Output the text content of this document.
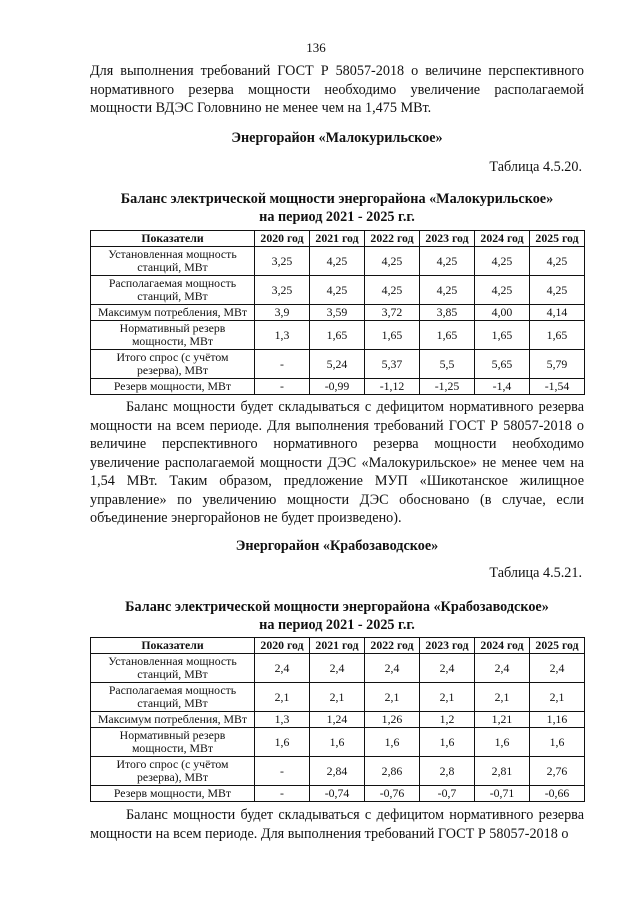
136
Для выполнения требований ГОСТ Р 58057-2018 о величине перспективного нормативного резерва мощности необходимо увеличение располагаемой мощности ВДЭС Головнино не менее чем на 1,475 МВт.
Энергорайон «Малокурильское»
Таблица 4.5.20.
Баланс электрической мощности энергорайона «Малокурильское»
на период 2021 - 2025 г.г.
Показатели	2020 год	2021 год	2022 год	2023 год	2024 год	2025 год
Установленная мощность станций, МВт	3,25	4,25	4,25	4,25	4,25	4,25
Располагаемая мощность станций, МВт	3,25	4,25	4,25	4,25	4,25	4,25
Максимум потребления, МВт	3,9	3,59	3,72	3,85	4,00	4,14
Нормативный резерв мощности, МВт	1,3	1,65	1,65	1,65	1,65	1,65
Итого спрос (с учётом резерва), МВт	-	5,24	5,37	5,5	5,65	5,79
Резерв мощности, МВт	-	-0,99	-1,12	-1,25	-1,4	-1,54
Баланс мощности будет складываться с дефицитом нормативного резерва мощности на всем периоде. Для выполнения требований ГОСТ Р 58057-2018 о величине перспективного нормативного резерва мощности необходимо увеличение располагаемой мощности ДЭС «Малокурильское» не менее чем на 1,54 МВт. Таким образом, предложение МУП «Шикотанское жилищное управление» по увеличению мощности ДЭС обосновано (в случае, если объединение энергорайонов не будет произведено).
Энергорайон «Крабозаводское»
Таблица 4.5.21.
Баланс электрической мощности энергорайона «Крабозаводское»
на период 2021 - 2025 г.г.
Показатели	2020 год	2021 год	2022 год	2023 год	2024 год	2025 год
Установленная мощность станций, МВт	2,4	2,4	2,4	2,4	2,4	2,4
Располагаемая мощность станций, МВт	2,1	2,1	2,1	2,1	2,1	2,1
Максимум потребления, МВт	1,3	1,24	1,26	1,2	1,21	1,16
Нормативный резерв мощности, МВт	1,6	1,6	1,6	1,6	1,6	1,6
Итого спрос (с учётом резерва), МВт	-	2,84	2,86	2,8	2,81	2,76
Резерв мощности, МВт	-	-0,74	-0,76	-0,7	-0,71	-0,66
Баланс мощности будет складываться с дефицитом нормативного резерва мощности на всем периоде. Для выполнения требований ГОСТ Р 58057-2018 о
